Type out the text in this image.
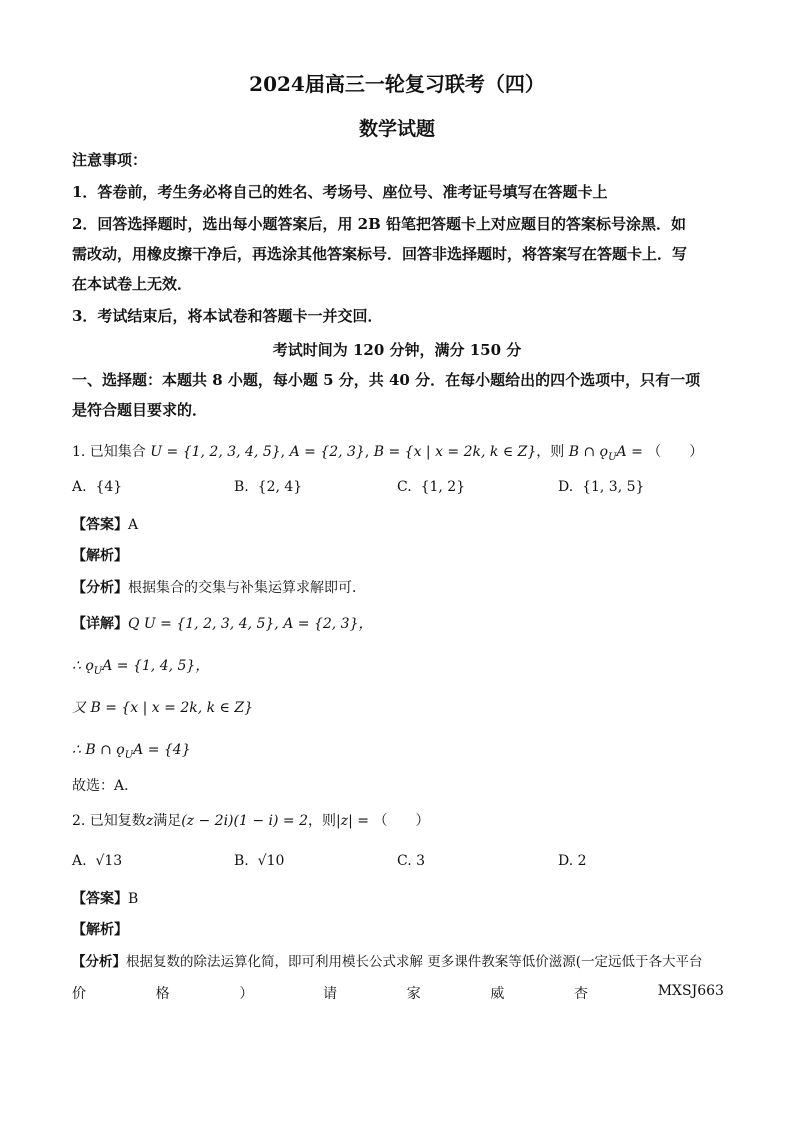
2024届高三一轮复习联考（四）
数学试题
注意事项：
1．答卷前，考生务必将自己的姓名、考场号、座位号、准考证号填写在答题卡上
2．回答选择题时，选出每小题答案后，用 2B 铅笔把答题卡上对应题目的答案标号涂黑．如
需改动，用橡皮擦干净后，再选涂其他答案标号．回答非选择题时，将答案写在答题卡上．写
在本试卷上无效．
3．考试结束后，将本试卷和答题卡一并交回．
考试时间为 120 分钟，满分 150 分
一、选择题：本题共 8 小题，每小题 5 分，共 40 分．在每小题给出的四个选项中，只有一项
是符合题目要求的．
1. 已知集合 U = {1, 2, 3, 4, 5}, A = {2, 3}, B = {x | x = 2k, k ∈ Z}，则 B ∩ $ǫ_UA$ = （　　）
A. {4}	B. {2, 4}	C. {1, 2}	D. {1, 3, 5}
【答案】A
【解析】
【分析】根据集合的交集与补集运算求解即可．
【详解】Q U = {1, 2, 3, 4, 5}, A = {2, 3}，
∴ $ǫ_UA = \{1$, 4, 5}，
又 B = {x | x = 2k, k ∈ Z}
∴ B ∩ $ǫ_UA = \{4\}$
故选：A．
2. 已知复数z满足(z − 2i)(1 − i) = 2，则|z| = （　　）
A. √13	B. √10	C. 3	D. 2
【答案】B
【解析】
【分析】根据复数的除法运算化简，即可利用模长公式求解 更多课件教案等低价滋源(一定远低于各大平台
价	格	）	请	家	威	杏	MXSJ663
